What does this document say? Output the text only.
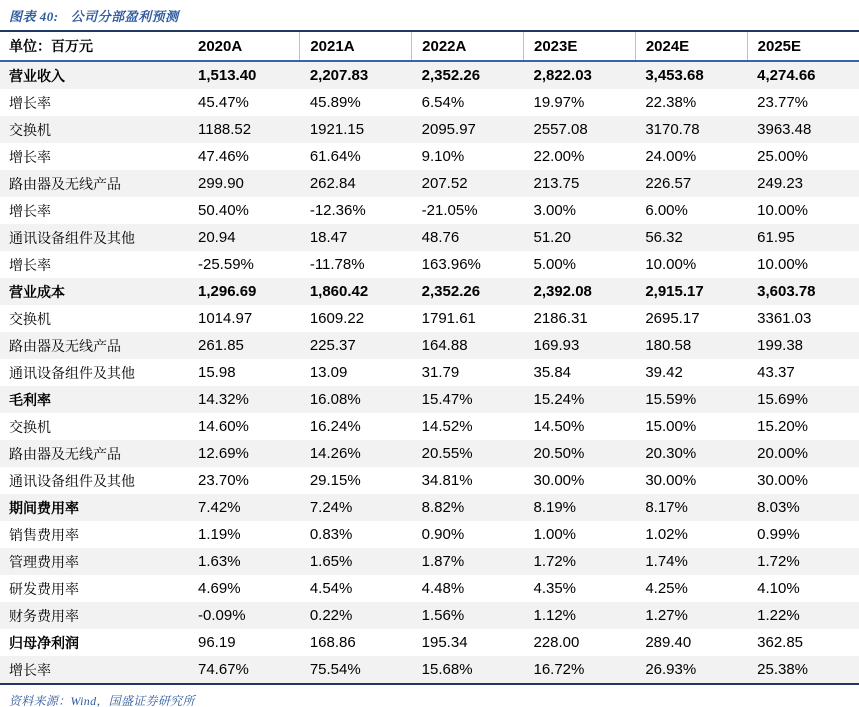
图表 40: 公司分部盈利预测
单位：百万元	2020A	2021A	2022A	2023E	2024E	2025E
营业收入	1,513.40	2,207.83	2,352.26	2,822.03	3,453.68	4,274.66
增长率	45.47%	45.89%	6.54%	19.97%	22.38%	23.77%
交换机	1188.52	1921.15	2095.97	2557.08	3170.78	3963.48
增长率	47.46%	61.64%	9.10%	22.00%	24.00%	25.00%
路由器及无线产品	299.90	262.84	207.52	213.75	226.57	249.23
增长率	50.40%	-12.36%	-21.05%	3.00%	6.00%	10.00%
通讯设备组件及其他	20.94	18.47	48.76	51.20	56.32	61.95
增长率	-25.59%	-11.78%	163.96%	5.00%	10.00%	10.00%
营业成本	1,296.69	1,860.42	2,352.26	2,392.08	2,915.17	3,603.78
交换机	1014.97	1609.22	1791.61	2186.31	2695.17	3361.03
路由器及无线产品	261.85	225.37	164.88	169.93	180.58	199.38
通讯设备组件及其他	15.98	13.09	31.79	35.84	39.42	43.37
毛利率	14.32%	16.08%	15.47%	15.24%	15.59%	15.69%
交换机	14.60%	16.24%	14.52%	14.50%	15.00%	15.20%
路由器及无线产品	12.69%	14.26%	20.55%	20.50%	20.30%	20.00%
通讯设备组件及其他	23.70%	29.15%	34.81%	30.00%	30.00%	30.00%
期间费用率	7.42%	7.24%	8.82%	8.19%	8.17%	8.03%
销售费用率	1.19%	0.83%	0.90%	1.00%	1.02%	0.99%
管理费用率	1.63%	1.65%	1.87%	1.72%	1.74%	1.72%
研发费用率	4.69%	4.54%	4.48%	4.35%	4.25%	4.10%
财务费用率	-0.09%	0.22%	1.56%	1.12%	1.27%	1.22%
归母净利润	96.19	168.86	195.34	228.00	289.40	362.85
增长率	74.67%	75.54%	15.68%	16.72%	26.93%	25.38%
资料来源：Wind，国盛证券研究所
